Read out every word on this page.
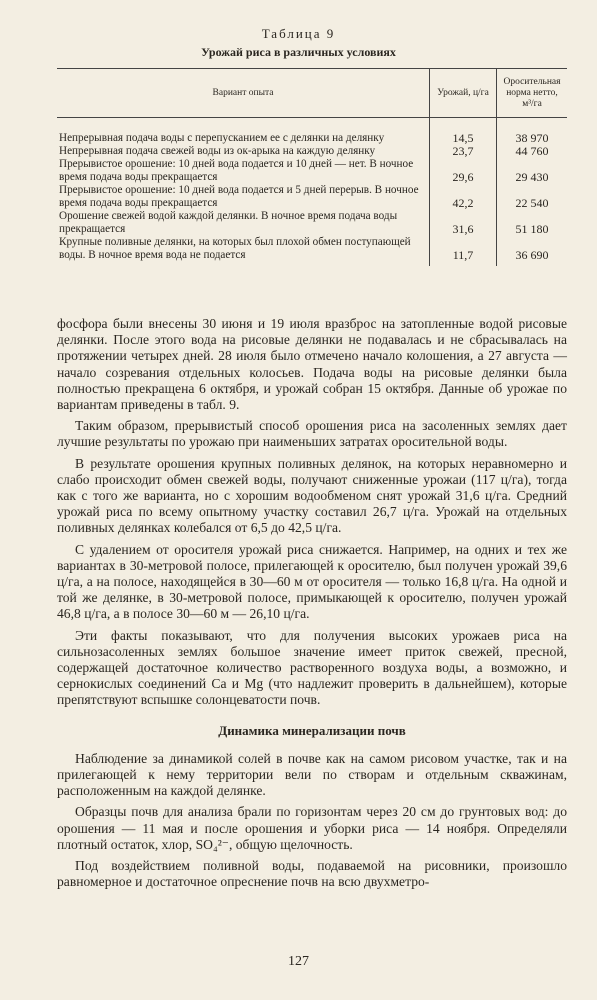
Таблица 9
Урожай риса в различных условиях
Вариант опыта	Урожай, ц/га	Оросительная норма нетто, м³/га
Непрерывная подача воды с перепусканием ее с делянки на делянку	14,5	38 970
Непрерывная подача свежей воды из ок-арыка на каждую делянку	23,7	44 760
Прерывистое орошение: 10 дней вода подается и 10 дней — нет. В ночное время подача воды прекращается	29,6	29 430
Прерывистое орошение: 10 дней вода подается и 5 дней перерыв. В ночное время подача воды прекращается	42,2	22 540
Орошение свежей водой каждой делянки. В ночное время подача воды прекращается	31,6	51 180
Крупные поливные делянки, на которых был плохой обмен поступающей воды. В ночное время вода не подается	11,7	36 690

фосфора были внесены 30 июня и 19 июля вразброс на затопленные водой рисовые делянки. После этого вода на рисовые делянки не подавалась и не сбрасывалась на протяжении четырех дней. 28 июля было отмечено начало колошения, а 27 августа — начало созревания отдельных колосьев. Подача воды на рисовые делянки была полностью прекращена 6 октября, и урожай собран 15 октября. Данные об урожае по вариантам приведены в табл. 9.

Таким образом, прерывистый способ орошения риса на засоленных землях дает лучшие результаты по урожаю при наименьших затратах оросительной воды.

В результате орошения крупных поливных делянок, на которых неравномерно и слабо происходит обмен свежей воды, получают сниженные урожаи (117 ц/га), тогда как с того же варианта, но с хорошим водообменом снят урожай 31,6 ц/га. Средний урожай риса по всему опытному участку составил 26,7 ц/га. Урожай на отдельных поливных делянках колебался от 6,5 до 42,5 ц/га.

С удалением от оросителя урожай риса снижается. Например, на одних и тех же вариантах в 30-метровой полосе, прилегающей к оросителю, был получен урожай 39,6 ц/га, а на полосе, находящейся в 30—60 м от оросителя — только 16,8 ц/га. На одной и той же делянке, в 30-метровой полосе, примыкающей к оросителю, получен урожай 46,8 ц/га, а в полосе 30—60 м — 26,10 ц/га.

Эти факты показывают, что для получения высоких урожаев риса на сильнозасоленных землях большое значение имеет приток свежей, пресной, содержащей достаточное количество растворенного воздуха воды, а возможно, и сернокислых соединений Ca и Mg (что надлежит проверить в дальнейшем), которые препятствуют вспышке солонцеватости почв.

Динамика минерализации почв

Наблюдение за динамикой солей в почве как на самом рисовом участке, так и на прилегающей к нему территории вели по створам и отдельным скважинам, расположенным на каждой делянке.

Образцы почв для анализа брали по горизонтам через 20 см до грунтовых вод: до орошения — 11 мая и после орошения и уборки риса — 14 ноября. Определяли плотный остаток, хлор, SO₄²⁻, общую щелочность.

Под воздействием поливной воды, подаваемой на рисовники, произошло равномерное и достаточное опреснение почв на всю двухметро-

127
